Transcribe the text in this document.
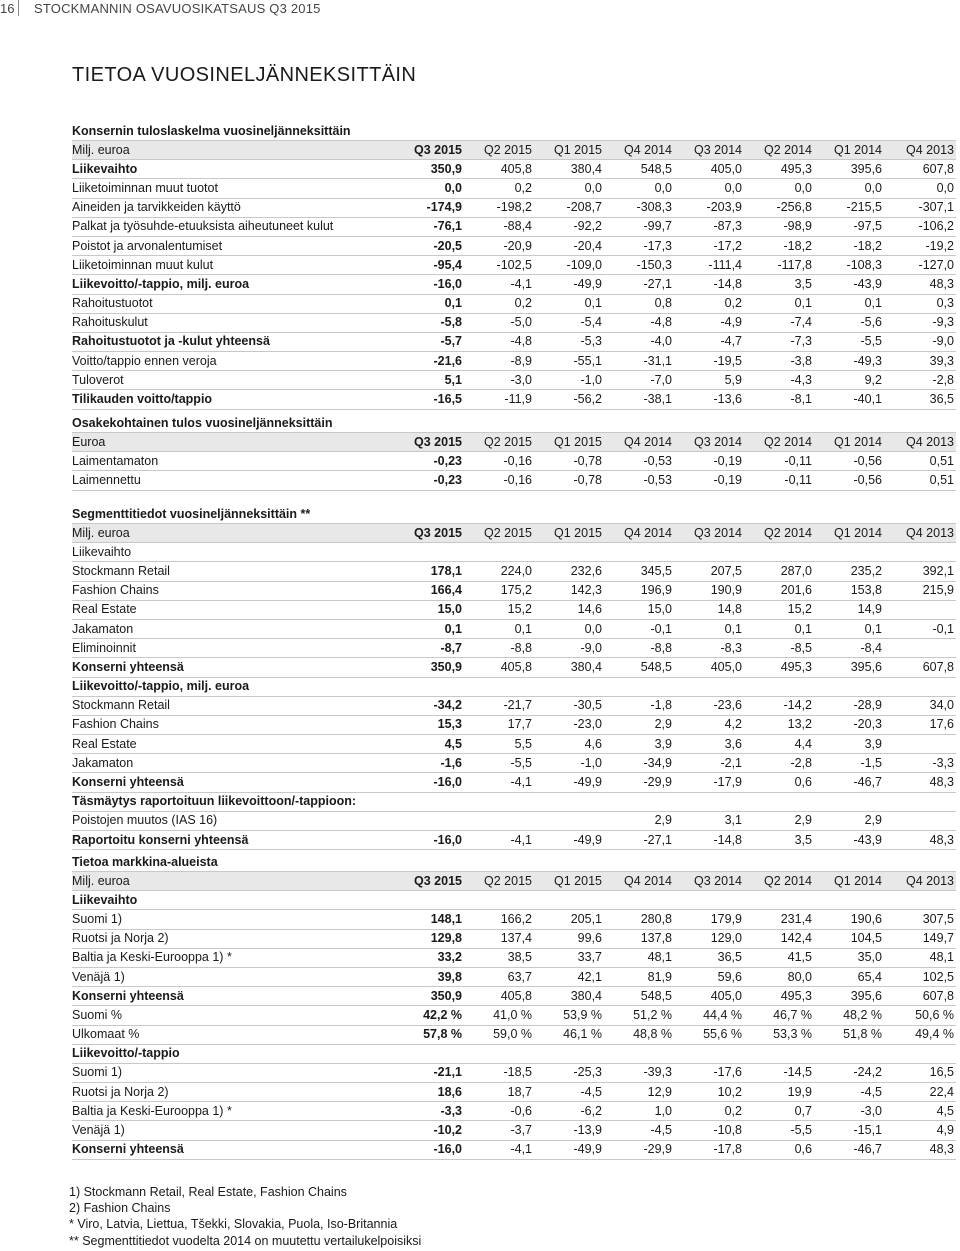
16 STOCKMANNIN OSAVUOSIKATSAUS Q3 2015
TIETOA VUOSINELJÄNNEKSITTÄIN
Konsernin tuloslaskelma vuosineljänneksittäin
Milj. euroa	Q3 2015	Q2 2015	Q1 2015	Q4 2014	Q3 2014	Q2 2014	Q1 2014	Q4 2013
Liikevaihto	350,9	405,8	380,4	548,5	405,0	495,3	395,6	607,8
Liiketoiminnan muut tuotot	0,0	0,2	0,0	0,0	0,0	0,0	0,0	0,0
Aineiden ja tarvikkeiden käyttö	-174,9	-198,2	-208,7	-308,3	-203,9	-256,8	-215,5	-307,1
Palkat ja työsuhde-etuuksista aiheutuneet kulut	-76,1	-88,4	-92,2	-99,7	-87,3	-98,9	-97,5	-106,2
Poistot ja arvonalentumiset	-20,5	-20,9	-20,4	-17,3	-17,2	-18,2	-18,2	-19,2
Liiketoiminnan muut kulut	-95,4	-102,5	-109,0	-150,3	-111,4	-117,8	-108,3	-127,0
Liikevoitto/-tappio, milj. euroa	-16,0	-4,1	-49,9	-27,1	-14,8	3,5	-43,9	48,3
Rahoitustuotot	0,1	0,2	0,1	0,8	0,2	0,1	0,1	0,3
Rahoituskulut	-5,8	-5,0	-5,4	-4,8	-4,9	-7,4	-5,6	-9,3
Rahoitustuotot ja -kulut yhteensä	-5,7	-4,8	-5,3	-4,0	-4,7	-7,3	-5,5	-9,0
Voitto/tappio ennen veroja	-21,6	-8,9	-55,1	-31,1	-19,5	-3,8	-49,3	39,3
Tuloverot	5,1	-3,0	-1,0	-7,0	5,9	-4,3	9,2	-2,8
Tilikauden voitto/tappio	-16,5	-11,9	-56,2	-38,1	-13,6	-8,1	-40,1	36,5
Osakekohtainen tulos vuosineljänneksittäin
Euroa	Q3 2015	Q2 2015	Q1 2015	Q4 2014	Q3 2014	Q2 2014	Q1 2014	Q4 2013
Laimentamaton	-0,23	-0,16	-0,78	-0,53	-0,19	-0,11	-0,56	0,51
Laimennettu	-0,23	-0,16	-0,78	-0,53	-0,19	-0,11	-0,56	0,51
Segmenttitiedot vuosineljänneksittäin **
Milj. euroa	Q3 2015	Q2 2015	Q1 2015	Q4 2014	Q3 2014	Q2 2014	Q1 2014	Q4 2013
Liikevaihto								
Stockmann Retail	178,1	224,0	232,6	345,5	207,5	287,0	235,2	392,1
Fashion Chains	166,4	175,2	142,3	196,9	190,9	201,6	153,8	215,9
Real Estate	15,0	15,2	14,6	15,0	14,8	15,2	14,9	
Jakamaton	0,1	0,1	0,0	-0,1	0,1	0,1	0,1	-0,1
Eliminoinnit	-8,7	-8,8	-9,0	-8,8	-8,3	-8,5	-8,4	
Konserni yhteensä	350,9	405,8	380,4	548,5	405,0	495,3	395,6	607,8
Liikevoitto/-tappio, milj. euroa								
Stockmann Retail	-34,2	-21,7	-30,5	-1,8	-23,6	-14,2	-28,9	34,0
Fashion Chains	15,3	17,7	-23,0	2,9	4,2	13,2	-20,3	17,6
Real Estate	4,5	5,5	4,6	3,9	3,6	4,4	3,9	
Jakamaton	-1,6	-5,5	-1,0	-34,9	-2,1	-2,8	-1,5	-3,3
Konserni yhteensä	-16,0	-4,1	-49,9	-29,9	-17,9	0,6	-46,7	48,3
Täsmäytys raportoituun liikevoittoon/-tappioon:								
Poistojen muutos (IAS 16)				2,9	3,1	2,9	2,9	
Raportoitu konserni yhteensä	-16,0	-4,1	-49,9	-27,1	-14,8	3,5	-43,9	48,3
Tietoa markkina-alueista
Milj. euroa	Q3 2015	Q2 2015	Q1 2015	Q4 2014	Q3 2014	Q2 2014	Q1 2014	Q4 2013
Liikevaihto								
Suomi 1)	148,1	166,2	205,1	280,8	179,9	231,4	190,6	307,5
Ruotsi ja Norja 2)	129,8	137,4	99,6	137,8	129,0	142,4	104,5	149,7
Baltia ja Keski-Eurooppa 1) *	33,2	38,5	33,7	48,1	36,5	41,5	35,0	48,1
Venäjä 1)	39,8	63,7	42,1	81,9	59,6	80,0	65,4	102,5
Konserni yhteensä	350,9	405,8	380,4	548,5	405,0	495,3	395,6	607,8
Suomi %	42,2 %	41,0 %	53,9 %	51,2 %	44,4 %	46,7 %	48,2 %	50,6 %
Ulkomaat %	57,8 %	59,0 %	46,1 %	48,8 %	55,6 %	53,3 %	51,8 %	49,4 %
Liikevoitto/-tappio								
Suomi 1)	-21,1	-18,5	-25,3	-39,3	-17,6	-14,5	-24,2	16,5
Ruotsi ja Norja 2)	18,6	18,7	-4,5	12,9	10,2	19,9	-4,5	22,4
Baltia ja Keski-Eurooppa 1) *	-3,3	-0,6	-6,2	1,0	0,2	0,7	-3,0	4,5
Venäjä 1)	-10,2	-3,7	-13,9	-4,5	-10,8	-5,5	-15,1	4,9
Konserni yhteensä	-16,0	-4,1	-49,9	-29,9	-17,8	0,6	-46,7	48,3
1) Stockmann Retail, Real Estate, Fashion Chains
2) Fashion Chains
* Viro, Latvia, Liettua, Tšekki, Slovakia, Puola, Iso-Britannia
** Segmenttitiedot vuodelta 2014 on muutettu vertailukelpoisiksi
